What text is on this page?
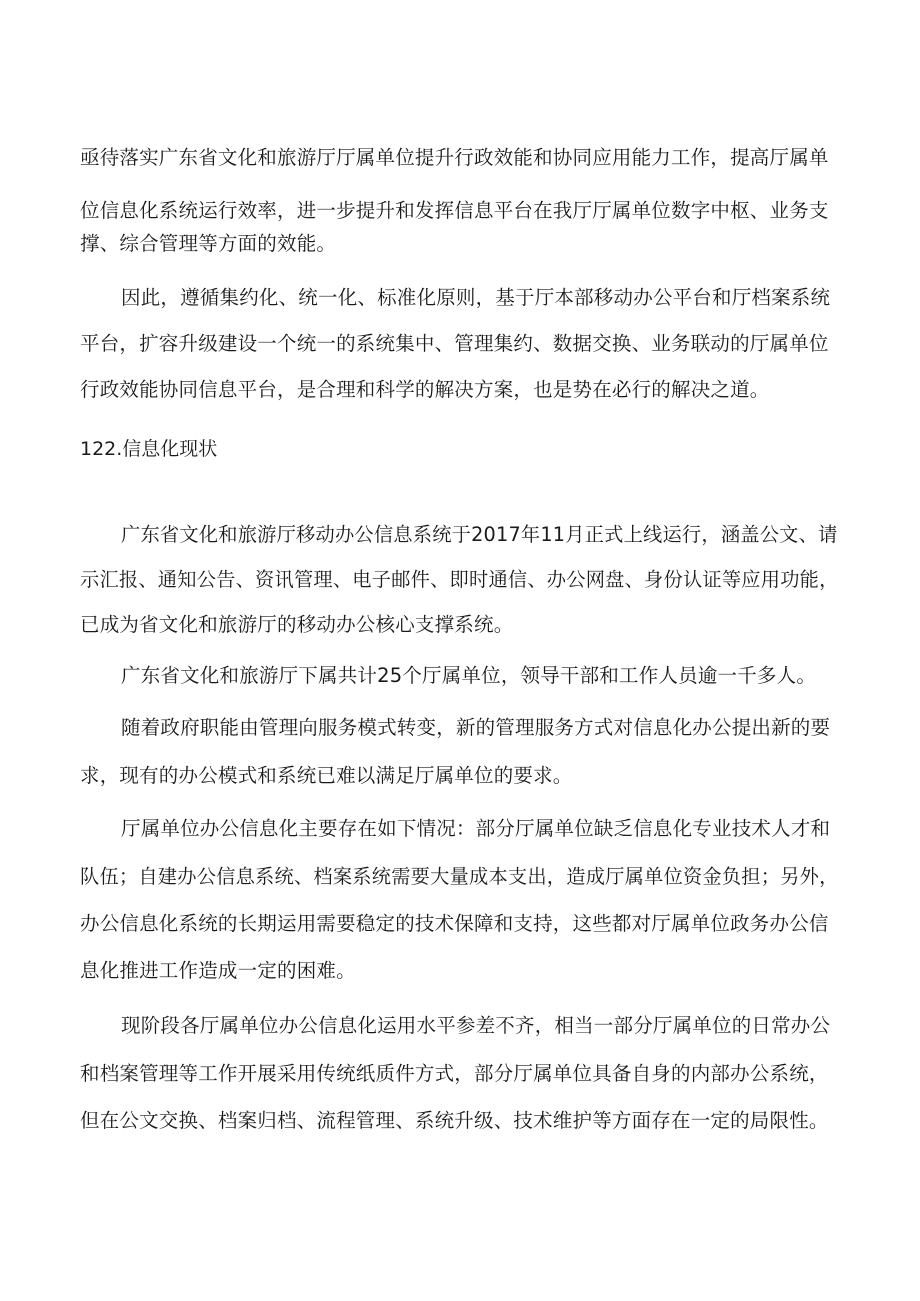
亟待落实广东省文化和旅游厅厅属单位提升行政效能和协同应用能力工作，提高厅属单
位信息化系统运行效率，进一步提升和发挥信息平台在我厅厅属单位数字中枢、业务支
撑、综合管理等方面的效能。
因此，遵循集约化、统一化、标准化原则，基于厅本部移动办公平台和厅档案系统
平台，扩容升级建设一个统一的系统集中、管理集约、数据交换、业务联动的厅属单位
行政效能协同信息平台，是合理和科学的解决方案，也是势在必行的解决之道。
122.信息化现状
广东省文化和旅游厅移动办公信息系统于2017年11月正式上线运行，涵盖公文、请
示汇报、通知公告、资讯管理、电子邮件、即时通信、办公网盘、身份认证等应用功能，
已成为省文化和旅游厅的移动办公核心支撑系统。
广东省文化和旅游厅下属共计25个厅属单位，领导干部和工作人员逾一千多人。
随着政府职能由管理向服务模式转变，新的管理服务方式对信息化办公提出新的要
求，现有的办公模式和系统已难以满足厅属单位的要求。
厅属单位办公信息化主要存在如下情况：部分厅属单位缺乏信息化专业技术人才和
队伍；自建办公信息系统、档案系统需要大量成本支出，造成厅属单位资金负担；另外，
办公信息化系统的长期运用需要稳定的技术保障和支持，这些都对厅属单位政务办公信
息化推进工作造成一定的困难。
现阶段各厅属单位办公信息化运用水平参差不齐，相当一部分厅属单位的日常办公
和档案管理等工作开展采用传统纸质件方式，部分厅属单位具备自身的内部办公系统，
但在公文交换、档案归档、流程管理、系统升级、技术维护等方面存在一定的局限性。
